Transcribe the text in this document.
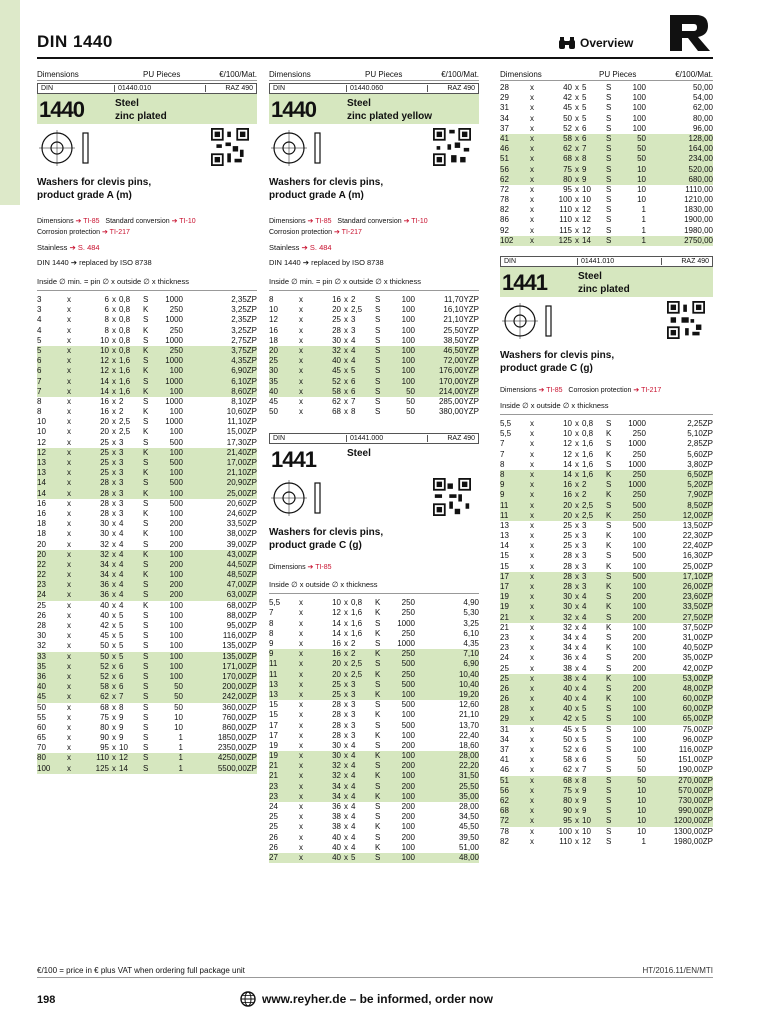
DIN 1440	Overview
Dimensions	PU Pieces	€/100/Mat.
DIN	01440.010	RAZ 490
1440	Steel
zinc plated
Washers for clevis pins,
product grade A (m)
Dimensions ➔ TI-85 Standard conversion ➔ TI-10
Corrosion protection ➔ TI-217
Stainless ➔ S. 484
DIN 1440 ➔ replaced by ISO 8738
Inside ∅ min. = pin ∅ x outside ∅ x thickness
3	x	6 x 0,8	S	1000	2,35ZP
3	x	6 x 0,8	K	250	3,25ZP
4	x	8 x 0,8	S	1000	2,35ZP
4	x	8 x 0,8	K	250	3,25ZP
5	x	10 x 0,8	S	1000	2,75ZP
5	x	10 x 0,8	K	250	3,75ZP
6	x	12 x 1,6	S	1000	4,35ZP
6	x	12 x 1,6	K	100	6,90ZP
7	x	14 x 1,6	S	1000	6,10ZP
7	x	14 x 1,6	K	100	8,60ZP
8	x	16 x 2	S	1000	8,10ZP
8	x	16 x 2	K	100	10,60ZP
10	x	20 x 2,5	S	1000	11,10ZP
10	x	20 x 2,5	K	100	15,00ZP
12	x	25 x 3	S	500	17,30ZP
12	x	25 x 3	K	100	21,40ZP
13	x	25 x 3	S	500	17,00ZP
13	x	25 x 3	K	100	21,10ZP
14	x	28 x 3	S	500	20,90ZP
14	x	28 x 3	K	100	25,00ZP
16	x	28 x 3	S	500	20,60ZP
16	x	28 x 3	K	100	24,60ZP
18	x	30 x 4	S	200	33,50ZP
18	x	30 x 4	K	100	38,00ZP
20	x	32 x 4	S	200	39,00ZP
20	x	32 x 4	K	100	43,00ZP
22	x	34 x 4	S	200	44,50ZP
22	x	34 x 4	K	100	48,50ZP
23	x	36 x 4	S	200	47,00ZP
24	x	36 x 4	S	200	63,00ZP
25	x	40 x 4	K	100	68,00ZP
26	x	40 x 5	S	100	88,00ZP
28	x	42 x 5	S	100	95,00ZP
30	x	45 x 5	S	100	116,00ZP
32	x	50 x 5	S	100	135,00ZP
33	x	50 x 5	S	100	135,00ZP
35	x	52 x 6	S	100	171,00ZP
36	x	52 x 6	S	100	170,00ZP
40	x	58 x 6	S	50	200,00ZP
45	x	62 x 7	S	50	242,00ZP
50	x	68 x 8	S	50	360,00ZP
55	x	75 x 9	S	10	760,00ZP
60	x	80 x 9	S	10	860,00ZP
65	x	90 x 9	S	1	1850,00ZP
70	x	95 x 10	S	1	2350,00ZP
80	x	110 x 12	S	1	4250,00ZP
100	x	125 x 14	S	1	5500,00ZP
Dimensions	PU Pieces	€/100/Mat.
DIN	01440.060	RAZ 490
1440	Steel
zinc plated yellow
Washers for clevis pins,
product grade A (m)
Dimensions ➔ TI-85 Standard conversion ➔ TI-10
Corrosion protection ➔ TI-217
Stainless ➔ S. 484
DIN 1440 ➔ replaced by ISO 8738
Inside ∅ min. = pin ∅ x outside ∅ x thickness
8	x	16 x 2	S	100	11,70YZP
10	x	20 x 2,5	S	100	16,10YZP
12	x	25 x 3	S	100	21,10YZP
16	x	28 x 3	S	100	25,50YZP
18	x	30 x 4	S	100	38,50YZP
20	x	32 x 4	S	100	46,50YZP
25	x	40 x 4	S	100	72,00YZP
30	x	45 x 5	S	100	176,00YZP
35	x	52 x 6	S	100	170,00YZP
40	x	58 x 6	S	50	214,00YZP
45	x	62 x 7	S	50	285,00YZP
50	x	68 x 8	S	50	380,00YZP
DIN	01441.000	RAZ 490
1441	Steel
Washers for clevis pins,
product grade C (g)
Dimensions ➔ TI-85
Inside ∅ x outside ∅ x thickness
5,5	x	10 x 0,8	K	250	4,90
7	x	12 x 1,6	K	250	5,30
8	x	14 x 1,6	S	1000	3,25
8	x	14 x 1,6	K	250	6,10
9	x	16 x 2	S	1000	4,35
9	x	16 x 2	K	250	7,10
11	x	20 x 2,5	S	500	6,90
11	x	20 x 2,5	K	250	10,40
13	x	25 x 3	S	500	10,40
13	x	25 x 3	K	100	19,20
15	x	28 x 3	S	500	12,60
15	x	28 x 3	K	100	21,10
17	x	28 x 3	S	500	13,70
17	x	28 x 3	K	100	22,40
19	x	30 x 4	S	200	18,60
19	x	30 x 4	K	100	28,00
21	x	32 x 4	S	200	22,20
21	x	32 x 4	K	100	31,50
23	x	34 x 4	S	200	25,50
23	x	34 x 4	K	100	35,00
24	x	36 x 4	S	200	28,00
25	x	38 x 4	S	200	34,50
25	x	38 x 4	K	100	45,50
26	x	40 x 4	S	200	39,50
26	x	40 x 4	K	100	51,00
27	x	40 x 5	S	100	48,00
Dimensions	PU Pieces	€/100/Mat.
28	x	40 x 5	S	100	50,00
29	x	42 x 5	S	100	54,00
31	x	45 x 5	S	100	62,00
34	x	50 x 5	S	100	80,00
37	x	52 x 6	S	100	96,00
41	x	58 x 6	S	50	128,00
46	x	62 x 7	S	50	164,00
51	x	68 x 8	S	50	234,00
56	x	75 x 9	S	10	520,00
62	x	80 x 9	S	10	680,00
72	x	95 x 10	S	10	1110,00
78	x	100 x 10	S	10	1210,00
82	x	110 x 12	S	1	1830,00
86	x	110 x 12	S	1	1900,00
92	x	115 x 12	S	1	1980,00
102	x	125 x 14	S	1	2750,00
DIN	01441.010	RAZ 490
1441	Steel
zinc plated
Washers for clevis pins,
product grade C (g)
Dimensions ➔ TI-85 Corrosion protection ➔ TI-217
Inside ∅ x outside ∅ x thickness
5,5	x	10 x 0,8	S	1000	2,25ZP
5,5	x	10 x 0,8	K	250	5,10ZP
7	x	12 x 1,6	S	1000	2,85ZP
7	x	12 x 1,6	K	250	5,60ZP
8	x	14 x 1,6	S	1000	3,80ZP
8	x	14 x 1,6	K	250	6,50ZP
9	x	16 x 2	S	1000	5,20ZP
9	x	16 x 2	K	250	7,90ZP
11	x	20 x 2,5	S	500	8,50ZP
11	x	20 x 2,5	K	250	12,00ZP
13	x	25 x 3	S	500	13,50ZP
13	x	25 x 3	K	100	22,30ZP
14	x	25 x 3	K	100	22,40ZP
15	x	28 x 3	S	500	16,30ZP
15	x	28 x 3	K	100	25,00ZP
17	x	28 x 3	S	500	17,10ZP
17	x	28 x 3	K	100	26,00ZP
19	x	30 x 4	S	200	23,60ZP
19	x	30 x 4	K	100	33,50ZP
21	x	32 x 4	S	200	27,50ZP
21	x	32 x 4	K	100	37,50ZP
23	x	34 x 4	S	200	31,00ZP
23	x	34 x 4	K	100	40,50ZP
24	x	36 x 4	S	200	35,00ZP
25	x	38 x 4	S	200	42,00ZP
25	x	38 x 4	K	100	53,00ZP
26	x	40 x 4	S	200	48,00ZP
26	x	40 x 4	K	100	60,00ZP
28	x	40 x 5	S	100	60,00ZP
29	x	42 x 5	S	100	65,00ZP
31	x	45 x 5	S	100	75,00ZP
34	x	50 x 5	S	100	96,00ZP
37	x	52 x 6	S	100	116,00ZP
41	x	58 x 6	S	50	151,00ZP
46	x	62 x 7	S	50	190,00ZP
51	x	68 x 8	S	50	270,00ZP
56	x	75 x 9	S	10	570,00ZP
62	x	80 x 9	S	10	730,00ZP
68	x	90 x 9	S	10	990,00ZP
72	x	95 x 10	S	10	1200,00ZP
78	x	100 x 10	S	10	1300,00ZP
82	x	110 x 12	S	1	1980,00ZP
€/100 = price in € plus VAT when ordering full package unit	HT/2016.11/EN/MTI
198	www.reyher.de – be informed, order now
